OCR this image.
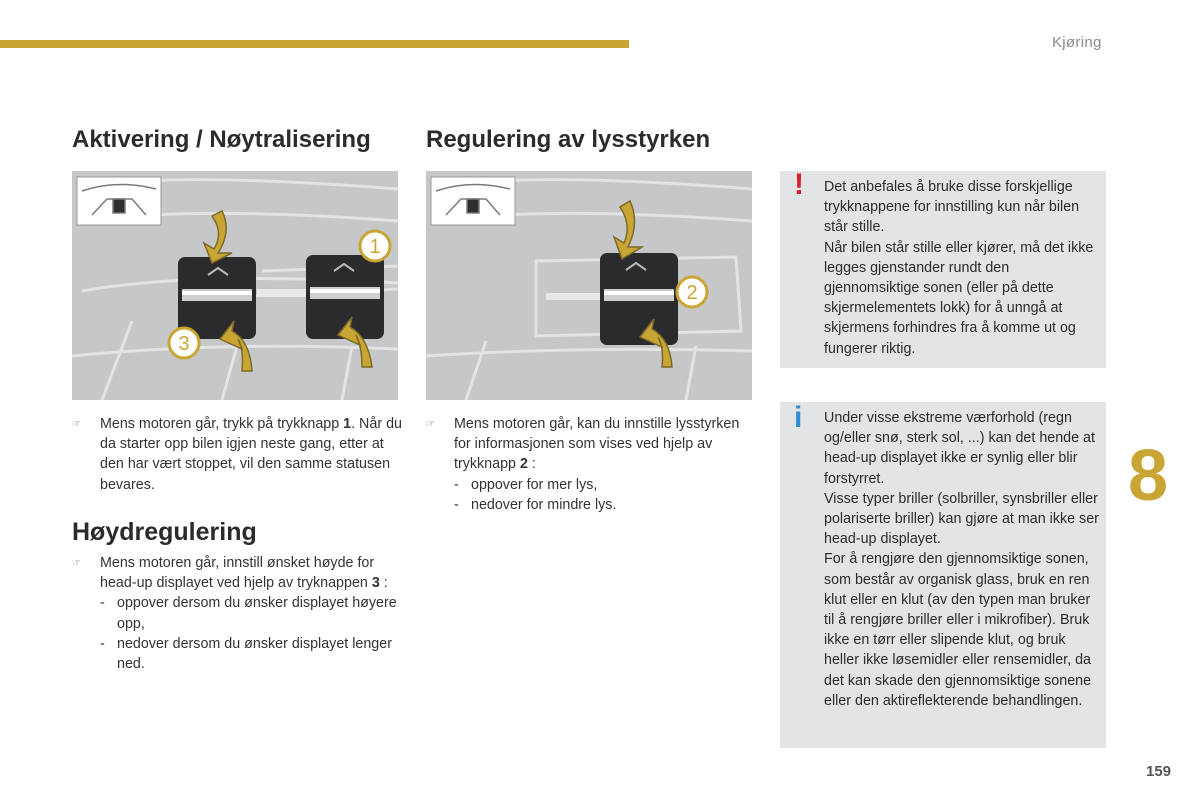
Kjøring
Aktivering / Nøytralisering Regulering av lysstyrken
1
3
2
☞	Mens motoren går, trykk på trykknapp 1. Når du da starter opp bilen igjen neste gang, etter at den har vært stoppet, vil den samme statusen bevares.
☞	Mens motoren går, kan du innstille lysstyrken for informasjonen som vises ved hjelp av trykknapp 2 :
- oppover for mer lys,
- nedover for mindre lys.
Høydregulering
☞	Mens motoren går, innstill ønsket høyde for head-up displayet ved hjelp av tryknappen 3 :
- oppover dersom du ønsker displayet høyere opp,
- nedover dersom du ønsker displayet lenger ned.
! Det anbefales å bruke disse forskjellige trykknappene for innstilling kun når bilen står stille.

Når bilen står stille eller kjører, må det ikke legges gjenstander rundt den gjennomsiktige sonen (eller på dette skjermelementets lokk) for å unngå at skjermens forhindres fra å komme ut og fungerer riktig.

i Under visse ekstreme værforhold (regn og/eller snø, sterk sol, ...) kan det hende at head-up displayet ikke er synlig eller blir forstyrret.

Visse typer briller (solbriller, synsbriller eller polariserte briller) kan gjøre at man ikke ser head-up displayet.

For å rengjøre den gjennomsiktige sonen, som består av organisk glass, bruk en ren klut eller en klut (av den typen man bruker til å rengjøre briller eller i mikrofiber). Bruk ikke en tørr eller slipende klut, og bruk heller ikke løsemidler eller rensemidler, da det kan skade den gjennomsiktige sonene eller den aktireflekterende behandlingen.

8
159
